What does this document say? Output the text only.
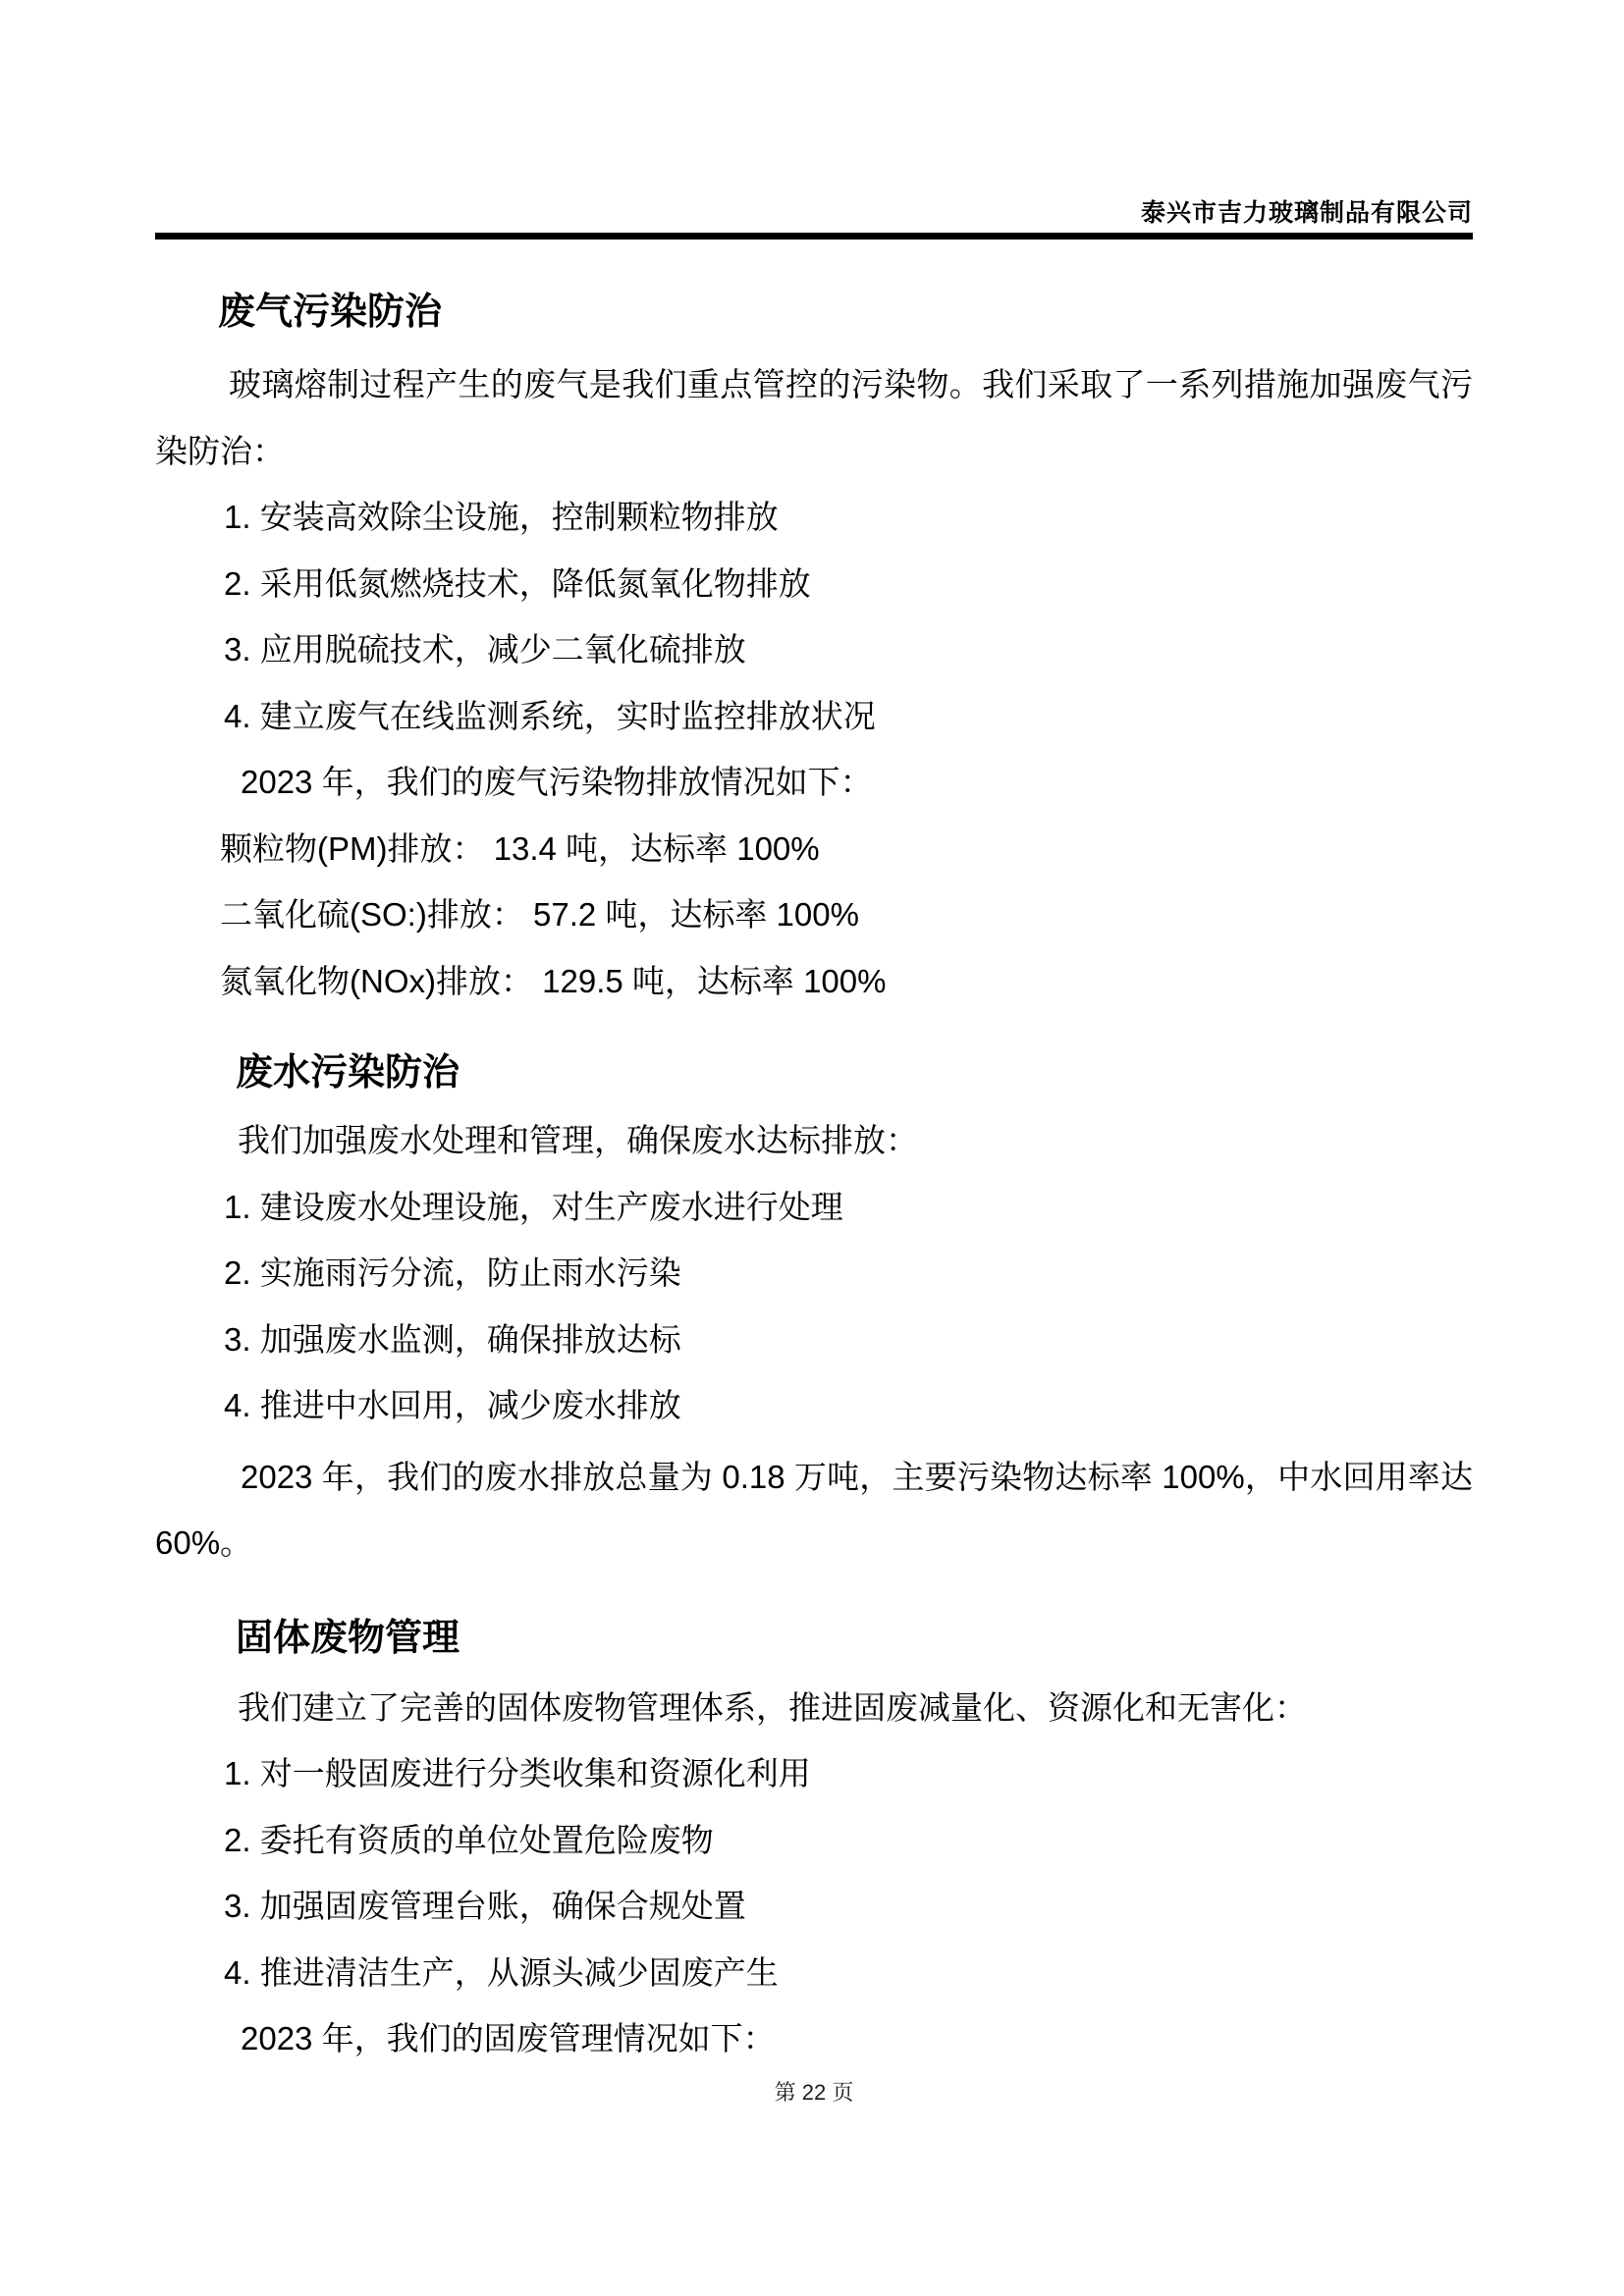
泰兴市吉力玻璃制品有限公司
废气污染防治

玻璃熔制过程产生的废气是我们重点管控的污染物。我们采取了一系列措施加强废气污染防治：

1. 安装高效除尘设施，控制颗粒物排放

2. 采用低氮燃烧技术，降低氮氧化物排放

3. 应用脱硫技术，减少二氧化硫排放

4. 建立废气在线监测系统，实时监控排放状况

2023 年，我们的废气污染物排放情况如下：

颗粒物(PM)排放： 13.4 吨，达标率 100%

二氧化硫(SO:)排放： 57.2 吨，达标率 100%

氮氧化物(NOx)排放： 129.5 吨，达标率 100%

废水污染防治

我们加强废水处理和管理，确保废水达标排放：

1. 建设废水处理设施，对生产废水进行处理

2. 实施雨污分流，防止雨水污染

3. 加强废水监测，确保排放达标

4. 推进中水回用，减少废水排放

2023 年，我们的废水排放总量为 0.18 万吨，主要污染物达标率 100%，中水回用率达 60%。

固体废物管理

我们建立了完善的固体废物管理体系，推进固废减量化、资源化和无害化：

1. 对一般固废进行分类收集和资源化利用

2. 委托有资质的单位处置危险废物

3. 加强固废管理台账，确保合规处置

4. 推进清洁生产，从源头减少固废产生

2023 年，我们的固废管理情况如下：

第 22 页
